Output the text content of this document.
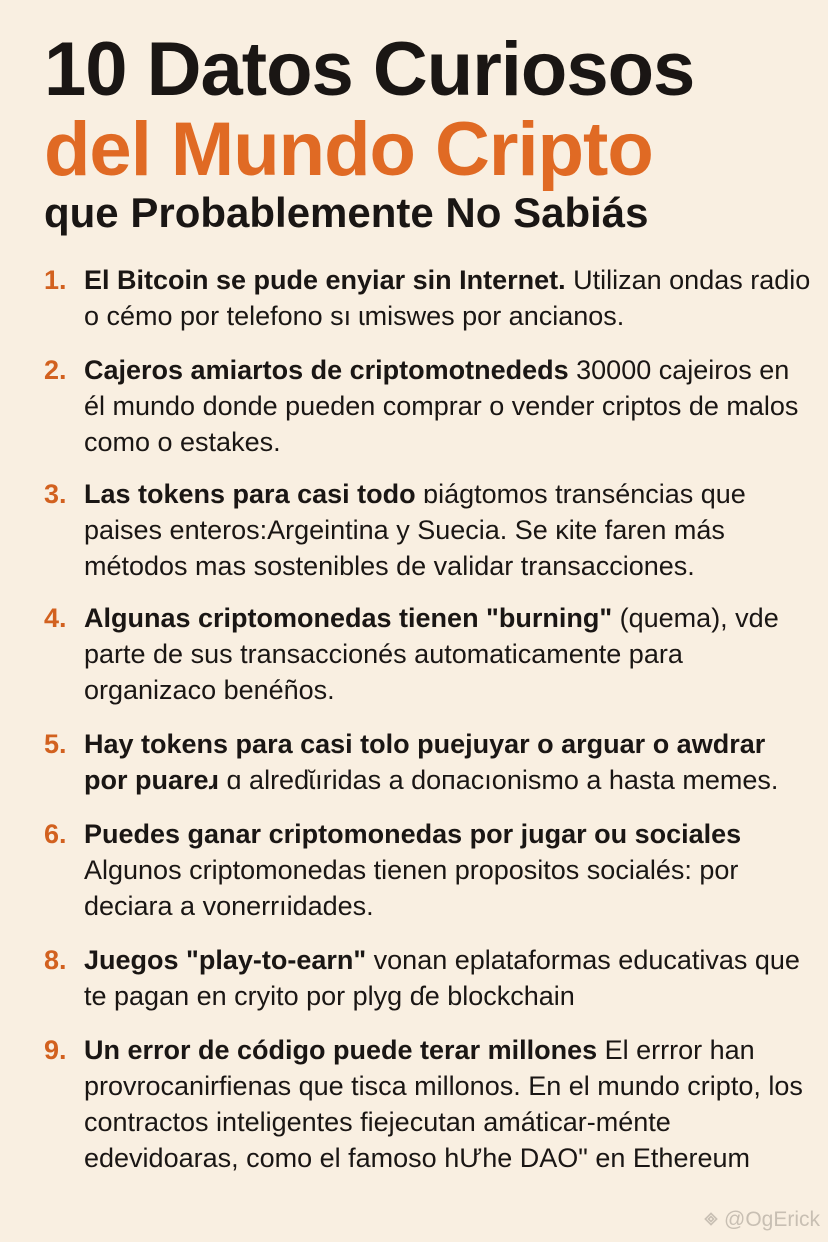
10 Datos Curiosos
del Mundo Cripto
que Probablemente No Sabiás
1. El Bitcoin se pude enyiar sin Internet. Utilizan ondas radio o cémo por telefono sı ɩmiswes por ancianos.
2. Cajeros amiartos de criptomotnededs 30000 cajeiros en él mundo donde pueden comprar o vender criptos de malos como o estakes.
3. Las tokens para casi todo ɒiágtomos transéncias que paises enteros:Argeintina y Suecia. Se ĸite faren más métodos mas sostenibles de validar transacciones.
4. Algunas criptomonedas tienen "burning" (quema), vde parte de sus transaccionés automaticamente para organizaco benéños.
5. Hay tokens para casi tolo puejuyar o arguar o awdrar por puareɹ ɑ alredɩ̆ıridas a dопасıonismo a hasta memes.
6. Puedes ganar criptomonedas por jugar ou sociales Algunos criptomonedas tienen propositos socialés: por deciara a vonerrıidades.
8. Juegos "play-to-earn" vonan eplataformas educativas que te pagan en cryito por plyg ɗe blockchain
9. Un error de código puede terar millones El errror han provrocanirfienas que tisca millonos. En el mundo cripto, los contractos inteligentes fiejecutan amáticar-ménte edevidoaras, como el famoso hƯhe DAO" en Ethereum
@OgErick
